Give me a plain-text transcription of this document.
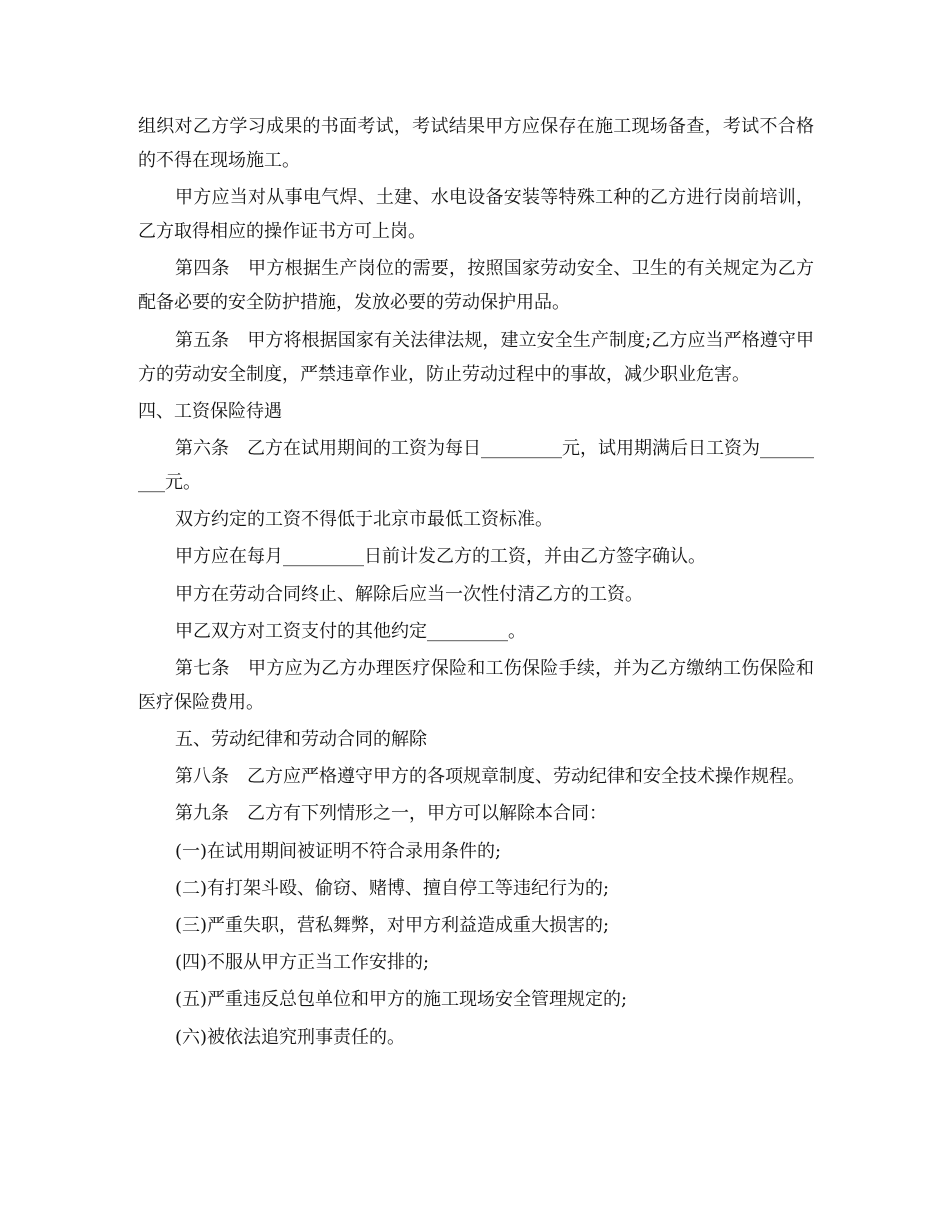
组织对乙方学习成果的书面考试，考试结果甲方应保存在施工现场备查，考试不合格的不得在现场施工。

甲方应当对从事电气焊、土建、水电设备安装等特殊工种的乙方进行岗前培训，乙方取得相应的操作证书方可上岗。

第四条　甲方根据生产岗位的需要，按照国家劳动安全、卫生的有关规定为乙方配备必要的安全防护措施，发放必要的劳动保护用品。

第五条　甲方将根据国家有关法律法规，建立安全生产制度;乙方应当严格遵守甲方的劳动安全制度，严禁违章作业，防止劳动过程中的事故，减少职业危害。

四、工资保险待遇

第六条　乙方在试用期间的工资为每日_________元，试用期满后日工资为_________元。

双方约定的工资不得低于北京市最低工资标准。

甲方应在每月_________日前计发乙方的工资，并由乙方签字确认。

甲方在劳动合同终止、解除后应当一次性付清乙方的工资。

甲乙双方对工资支付的其他约定_________。

第七条　甲方应为乙方办理医疗保险和工伤保险手续，并为乙方缴纳工伤保险和医疗保险费用。

五、劳动纪律和劳动合同的解除

第八条　乙方应严格遵守甲方的各项规章制度、劳动纪律和安全技术操作规程。

第九条　乙方有下列情形之一，甲方可以解除本合同：

(一)在试用期间被证明不符合录用条件的;

(二)有打架斗殴、偷窃、赌博、擅自停工等违纪行为的;

(三)严重失职，营私舞弊，对甲方利益造成重大损害的;

(四)不服从甲方正当工作安排的;

(五)严重违反总包单位和甲方的施工现场安全管理规定的;

(六)被依法追究刑事责任的。
